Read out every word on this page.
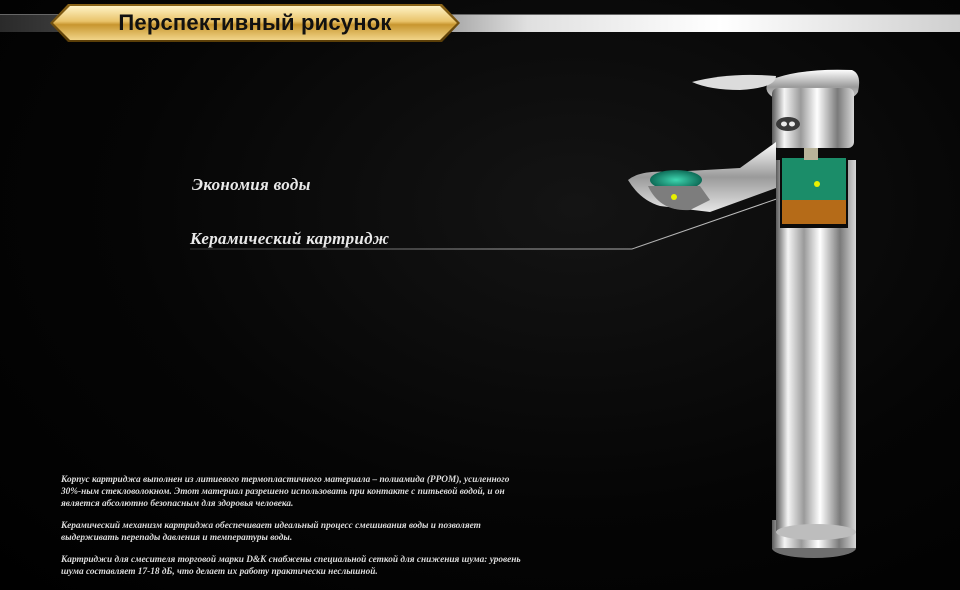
Перспективный рисунок
Экономия воды
Керамический картридж

Корпус картриджа выполнен из литиевого термопластичного материала – полиамида (PPOM), усиленного 30%-ным стекловолокном. Этот материал разрешено использовать при контакте с питьевой водой, и он является абсолютно безопасным для здоровья человека.

Керамический механизм картриджа обеспечивает идеальный процесс смешивания воды и позволяет выдерживать перепады давления и температуры воды.

Картриджи для смесителя торговой марки D&K снабжены специальной сеткой для снижения шума: уровень шума составляет 17-18 дБ, что делает их работу практически неслышной.
